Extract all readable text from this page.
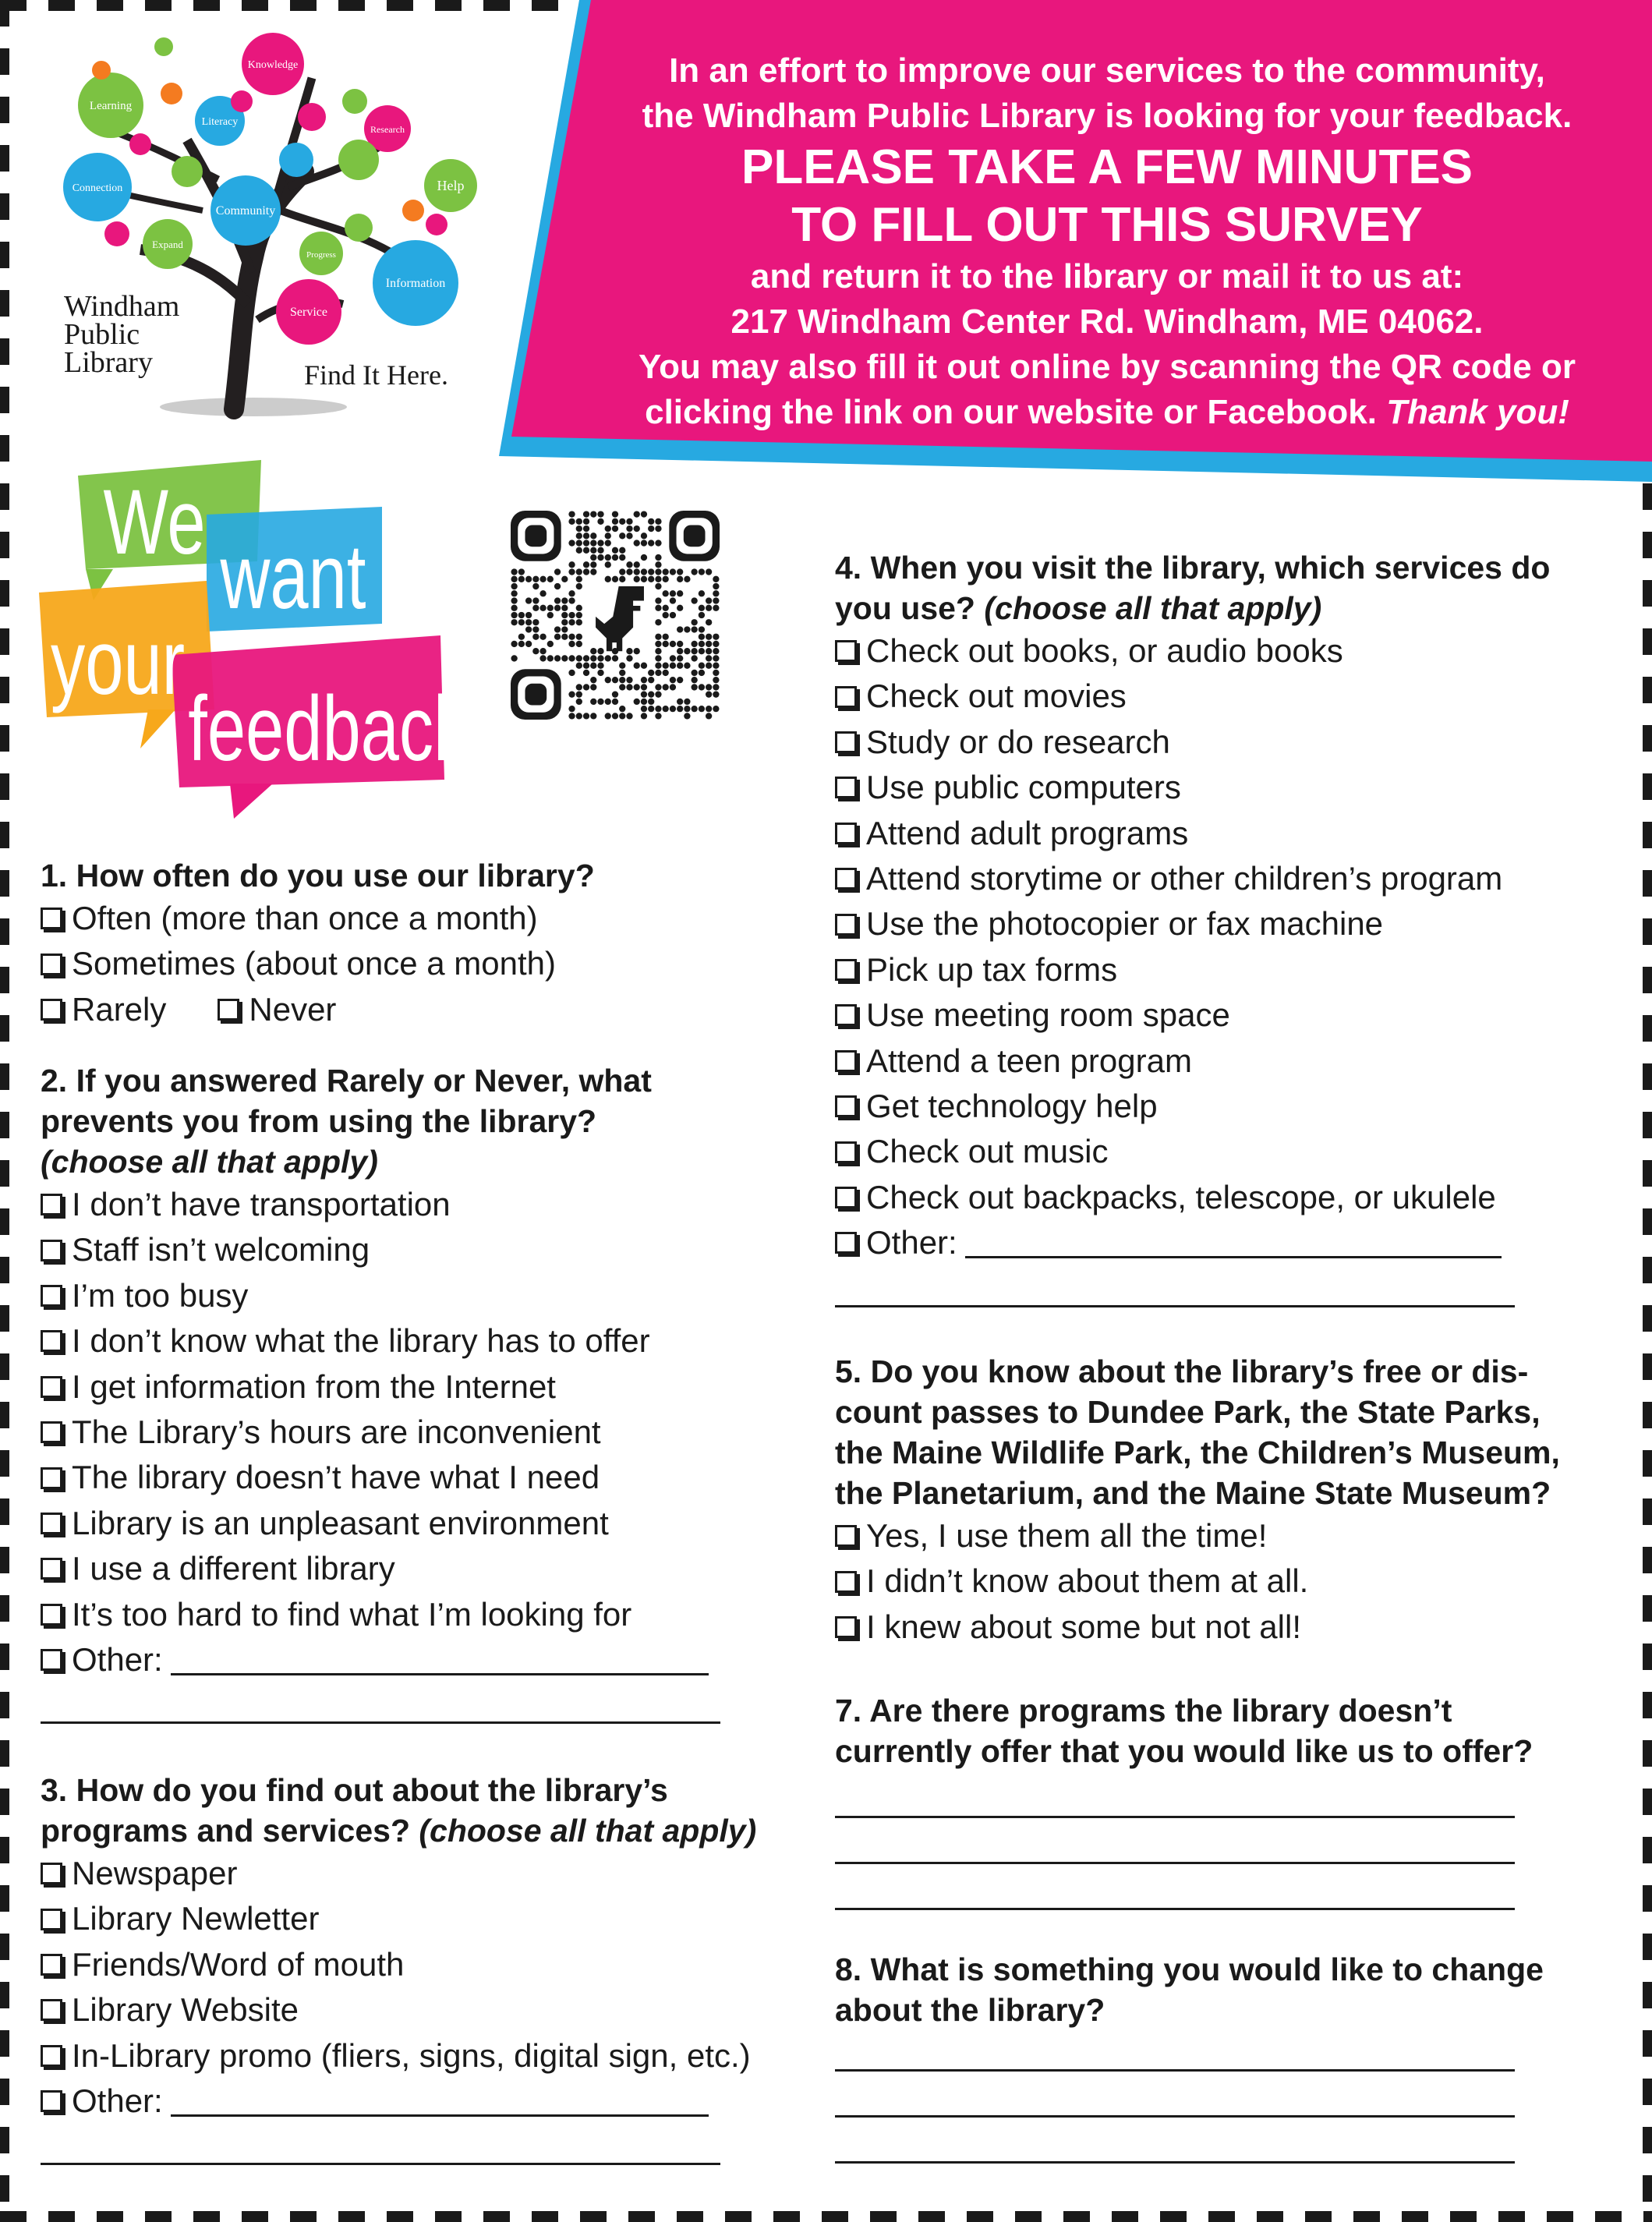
In an effort to improve our services to the community,
the Windham Public Library is looking for your feedback.
PLEASE TAKE A FEW MINUTES
TO FILL OUT THIS SURVEY
and return it to the library or mail it to us at:
217 Windham Center Rd. Windham, ME 04062.
You may also fill it out online by scanning the QR code or
clicking the link on our website or Facebook. Thank you!
Knowledge
Learning
Literacy
Research
Connection	Help
Community
Expand
Progress
Information
Service
Windham
Public
Library	Find It Here.
We
want
your
feedback!

1. How often do you use our library?

Often (more than once a month)
Sometimes (about once a month)
Rarely	Never

2. If you answered Rarely or Never, what

prevents you from using the library?

(choose all that apply)

I don’t have transportation
Staff isn’t welcoming
I’m too busy
I don’t know what the library has to offer
I get information from the Internet
The Library’s hours are inconvenient
The library doesn’t have what I need
Library is an unpleasant environment
I use a different library
It’s too hard to find what I’m looking for
Other:

3. How do you find out about the library’s

programs and services? (choose all that apply)

Newspaper
Library Newletter
Friends/Word of mouth
Library Website
In-Library promo (fliers, signs, digital sign, etc.)
Other:

4. When you visit the library, which services do

you use? (choose all that apply)

Check out books, or audio books
Check out movies
Study or do research
Use public computers
Attend adult programs
Attend storytime or other children’s program
Use the photocopier or fax machine
Pick up tax forms
Use meeting room space
Attend a teen program
Get technology help
Check out music
Check out backpacks, telescope, or ukulele
Other:

5. Do you know about the library’s free or dis-

count passes to Dundee Park, the State Parks,

the Maine Wildlife Park, the Children’s Museum,

the Planetarium, and the Maine State Museum?

Yes, I use them all the time!
I didn’t know about them at all.
I knew about some but not all!

7. Are there programs the library doesn’t

currently offer that you would like us to offer?

8. What is something you would like to change

about the library?
